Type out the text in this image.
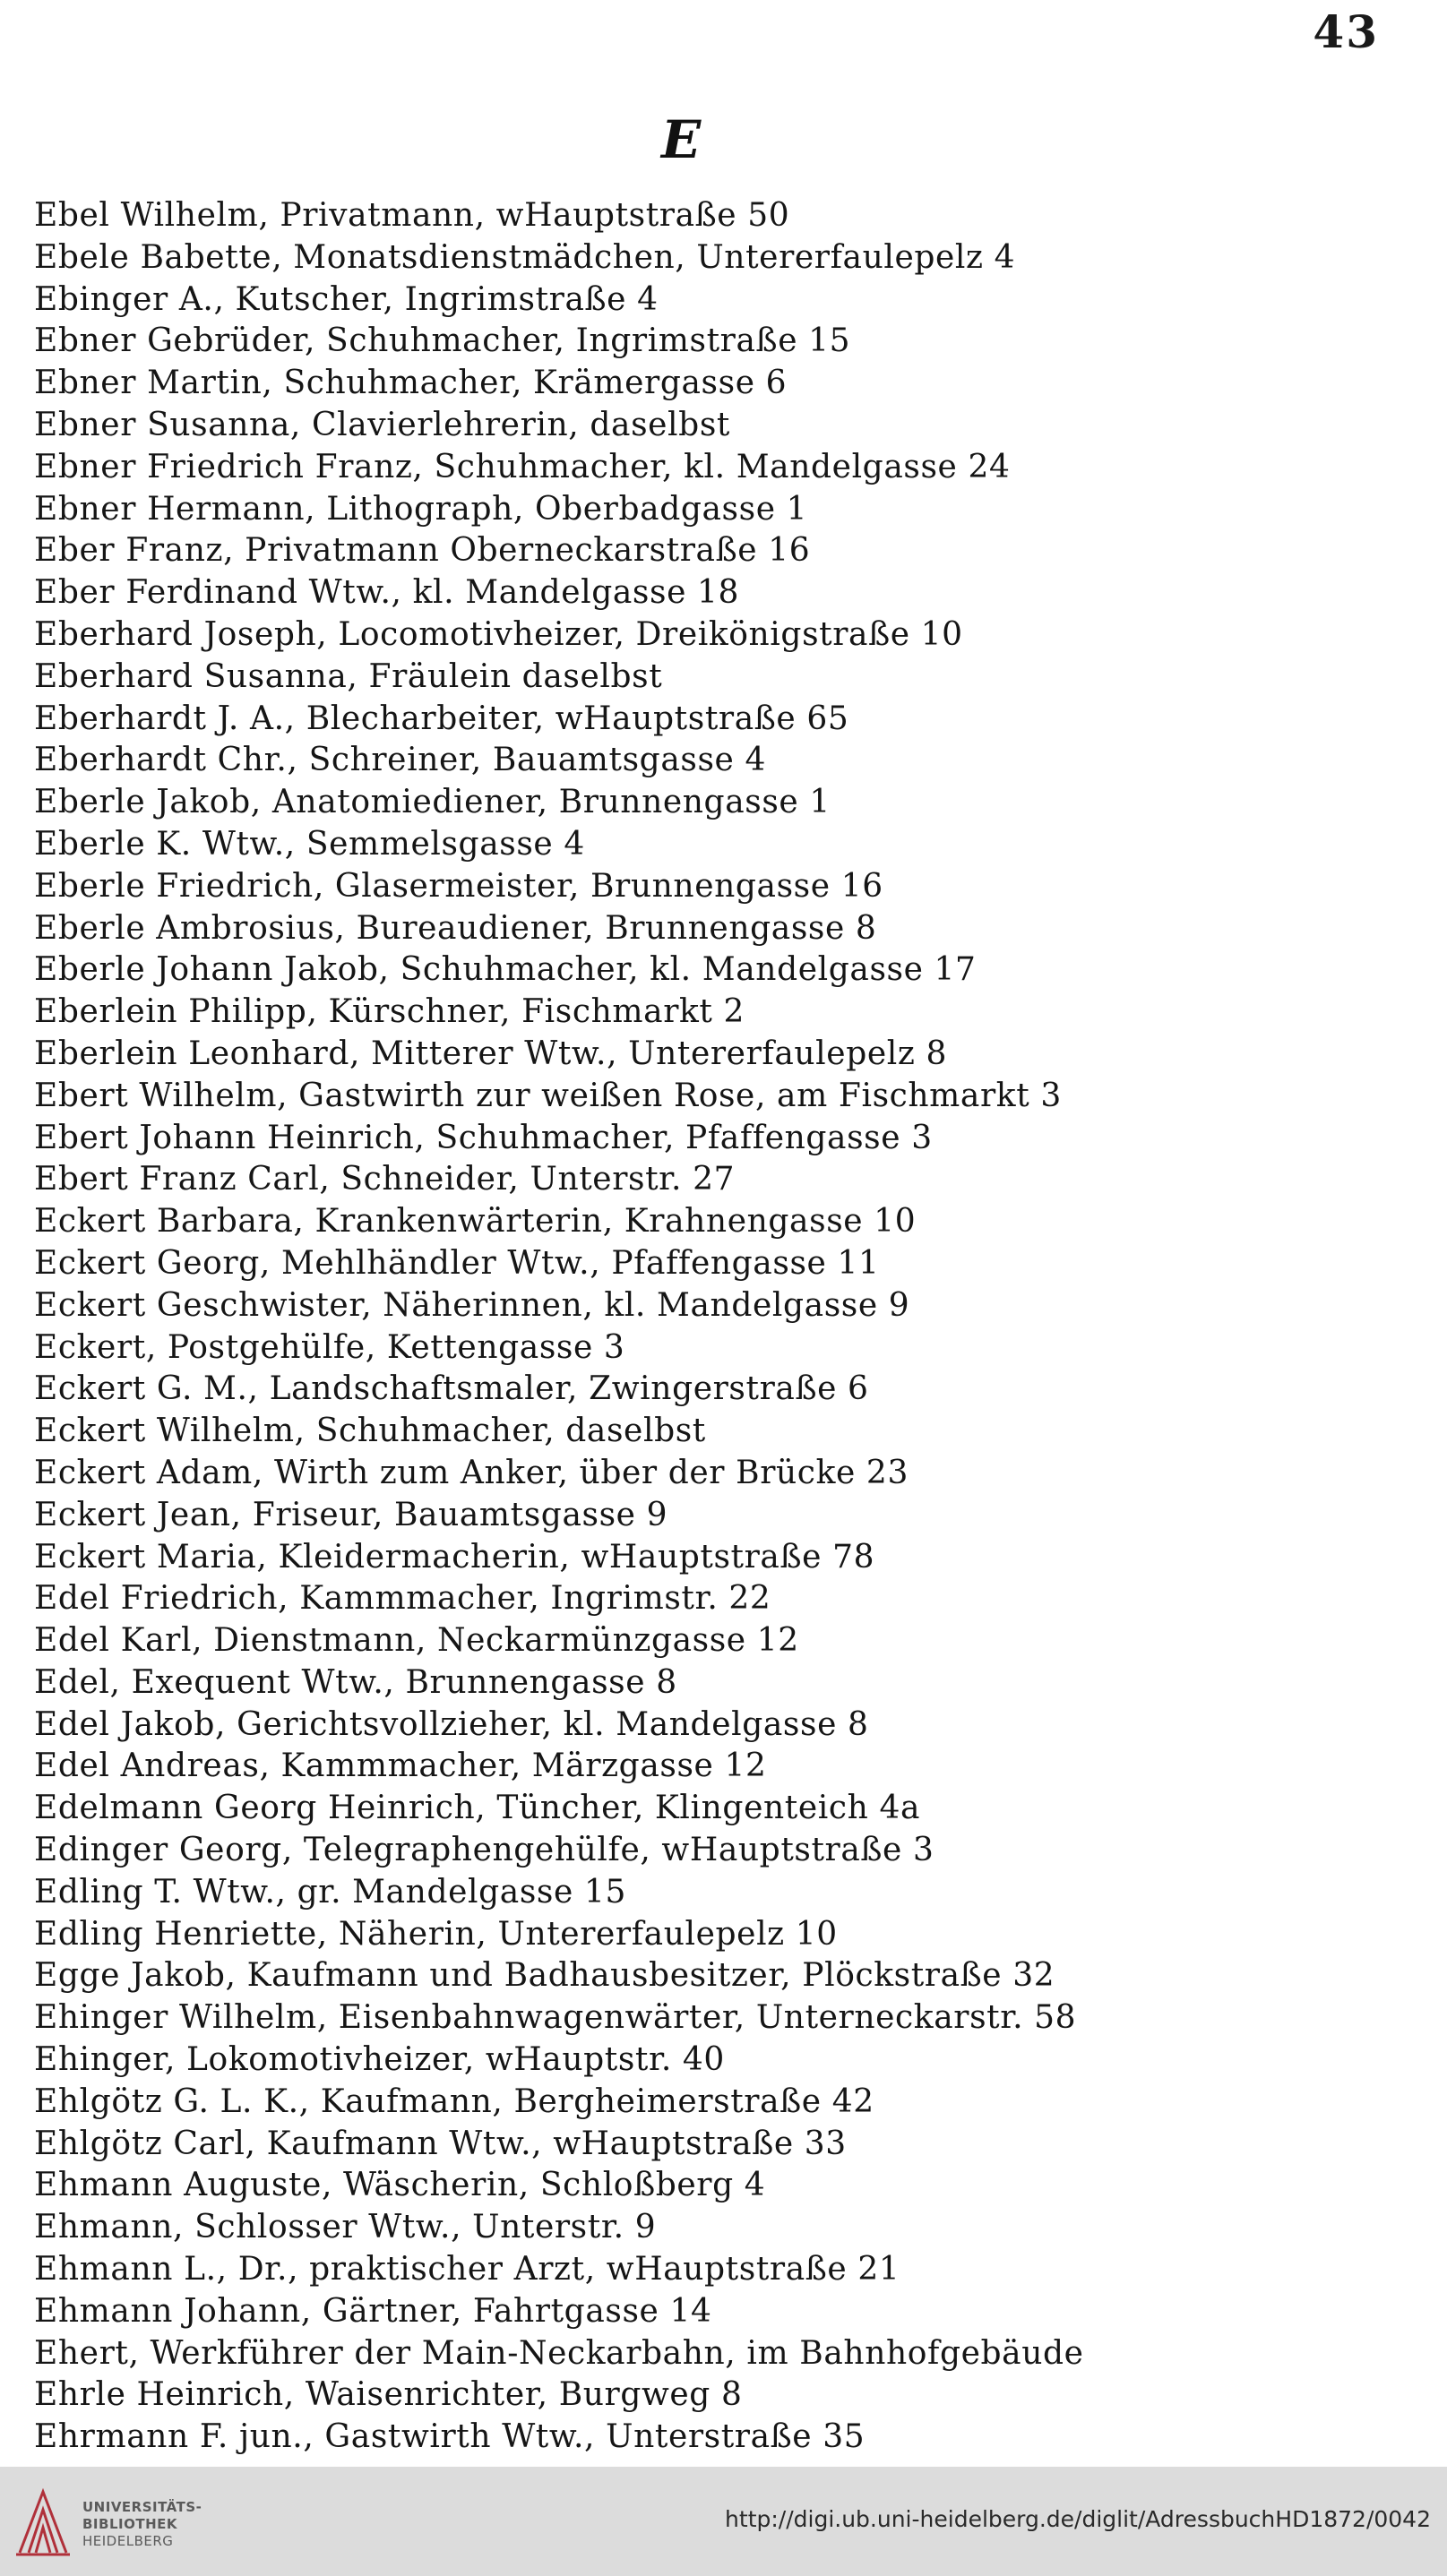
43
E
Ebel Wilhelm, Privatmann, wHauptstraße 50
Ebele Babette, Monatsdienstmädchen, Untererfaulepelz 4
Ebinger A., Kutscher, Ingrimstraße 4
Ebner Gebrüder, Schuhmacher, Ingrimstraße 15
Ebner Martin, Schuhmacher, Krämergasse 6
Ebner Susanna, Clavierlehrerin, daselbst
Ebner Friedrich Franz, Schuhmacher, kl. Mandelgasse 24
Ebner Hermann, Lithograph, Oberbadgasse 1
Eber Franz, Privatmann Oberneckarstraße 16
Eber Ferdinand Wtw., kl. Mandelgasse 18
Eberhard Joseph, Locomotivheizer, Dreikönigstraße 10
Eberhard Susanna, Fräulein daselbst
Eberhardt J. A., Blecharbeiter, wHauptstraße 65
Eberhardt Chr., Schreiner, Bauamtsgasse 4
Eberle Jakob, Anatomiediener, Brunnengasse 1
Eberle K. Wtw., Semmelsgasse 4
Eberle Friedrich, Glasermeister, Brunnengasse 16
Eberle Ambrosius, Bureaudiener, Brunnengasse 8
Eberle Johann Jakob, Schuhmacher, kl. Mandelgasse 17
Eberlein Philipp, Kürschner, Fischmarkt 2
Eberlein Leonhard, Mitterer Wtw., Untererfaulepelz 8
Ebert Wilhelm, Gastwirth zur weißen Rose, am Fischmarkt 3
Ebert Johann Heinrich, Schuhmacher, Pfaffengasse 3
Ebert Franz Carl, Schneider, Unterstr. 27
Eckert Barbara, Krankenwärterin, Krahnengasse 10
Eckert Georg, Mehlhändler Wtw., Pfaffengasse 11
Eckert Geschwister, Näherinnen, kl. Mandelgasse 9
Eckert, Postgehülfe, Kettengasse 3
Eckert G. M., Landschaftsmaler, Zwingerstraße 6
Eckert Wilhelm, Schuhmacher, daselbst
Eckert Adam, Wirth zum Anker, über der Brücke 23
Eckert Jean, Friseur, Bauamtsgasse 9
Eckert Maria, Kleidermacherin, wHauptstraße 78
Edel Friedrich, Kammmacher, Ingrimstr. 22
Edel Karl, Dienstmann, Neckarmünzgasse 12
Edel, Exequent Wtw., Brunnengasse 8
Edel Jakob, Gerichtsvollzieher, kl. Mandelgasse 8
Edel Andreas, Kammmacher, Märzgasse 12
Edelmann Georg Heinrich, Tüncher, Klingenteich 4a
Edinger Georg, Telegraphengehülfe, wHauptstraße 3
Edling T. Wtw., gr. Mandelgasse 15
Edling Henriette, Näherin, Untererfaulepelz 10
Egge Jakob, Kaufmann und Badhausbesitzer, Plöckstraße 32
Ehinger Wilhelm, Eisenbahnwagenwärter, Unterneckarstr. 58
Ehinger, Lokomotivheizer, wHauptstr. 40
Ehlgötz G. L. K., Kaufmann, Bergheimerstraße 42
Ehlgötz Carl, Kaufmann Wtw., wHauptstraße 33
Ehmann Auguste, Wäscherin, Schloßberg 4
Ehmann, Schlosser Wtw., Unterstr. 9
Ehmann L., Dr., praktischer Arzt, wHauptstraße 21
Ehmann Johann, Gärtner, Fahrtgasse 14
Ehert, Werkführer der Main-Neckarbahn, im Bahnhofgebäude
Ehrle Heinrich, Waisenrichter, Burgweg 8
Ehrmann F. jun., Gastwirth Wtw., Unterstraße 35
UNIVERSITÄTS-
BIBLIOTHEK
HEIDELBERG
http://digi.ub.uni-heidelberg.de/diglit/AdressbuchHD1872/0042
